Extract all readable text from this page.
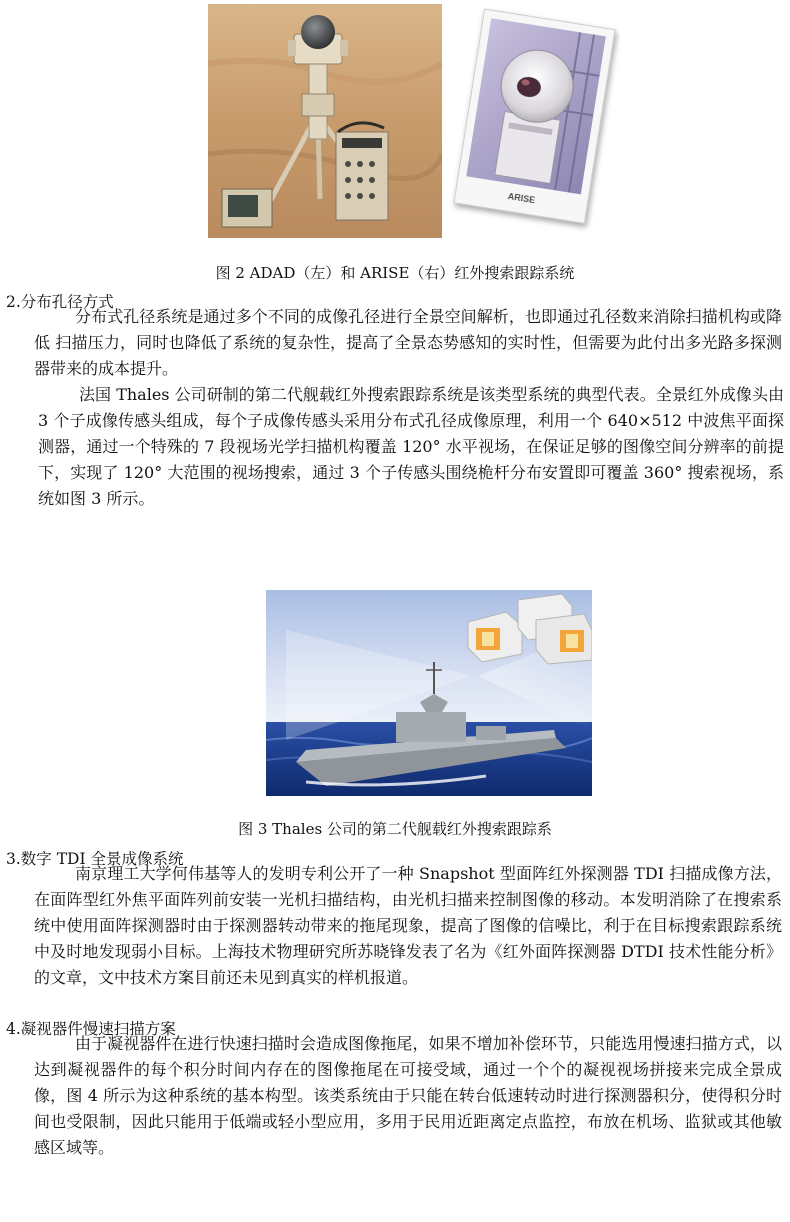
ARISE
图 2 ADAD（左）和 ARISE（右）红外搜索跟踪系统
2.分布孔径方式

分布式孔径系统是通过多个不同的成像孔径进行全景空间解析，也即通过孔径数来消除扫描机构或降低 扫描压力，同时也降低了系统的复杂性，提高了全景态势感知的实时性，但需要为此付出多光路多探测器带来的成本提升。

法国 Thales 公司研制的第二代舰载红外搜索跟踪系统是该类型系统的典型代表。全景红外成像头由 3 个子成像传感头组成，每个子成像传感头采用分布式孔径成像原理，利用一个 640×512 中波焦平面探测器，通过一个特殊的 7 段视场光学扫描机构覆盖 120° 水平视场，在保证足够的图像空间分辨率的前提下，实现了 120° 大范围的视场搜索，通过 3 个子传感头围绕桅杆分布安置即可覆盖 360° 搜索视场，系统如图 3 所示。

图 3 Thales 公司的第二代舰载红外搜索跟踪系
3.数字 TDI 全景成像系统

南京理工大学何伟基等人的发明专利公开了一种 Snapshot 型面阵红外探测器 TDI 扫描成像方法，在面阵型红外焦平面阵列前安装一光机扫描结构，由光机扫描来控制图像的移动。本发明消除了在搜索系统中使用面阵探测器时由于探测器转动带来的拖尾现象，提高了图像的信噪比，利于在目标搜索跟踪系统中及时地发现弱小目标。上海技术物理研究所苏晓锋发表了名为《红外面阵探测器 DTDI 技术性能分析》的文章，文中技术方案目前还未见到真实的样机报道。

4.凝视器件慢速扫描方案

由于凝视器件在进行快速扫描时会造成图像拖尾，如果不增加补偿环节，只能选用慢速扫描方式，以达到凝视器件的每个积分时间内存在的图像拖尾在可接受域，通过一个个的凝视视场拼接来完成全景成像，图 4 所示为这种系统的基本构型。该类系统由于只能在转台低速转动时进行探测器积分，使得积分时间也受限制，因此只能用于低端或轻小型应用，多用于民用近距离定点监控，布放在机场、监狱或其他敏感区域等。
